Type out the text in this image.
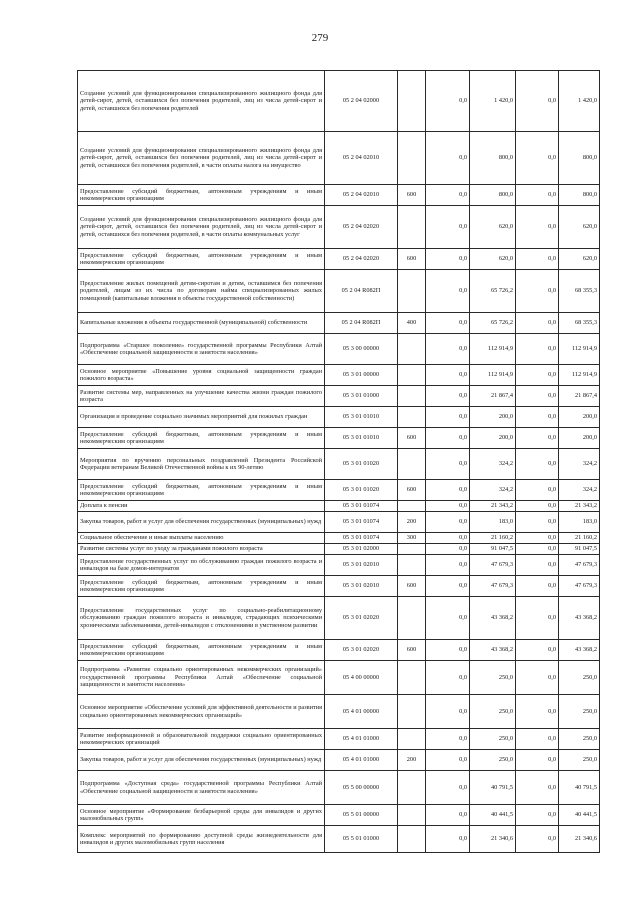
279
Создание условий для функционирования специализированного жилищного фонда для детей-сирот, детей, оставшихся без попечения родителей, лиц из числа детей-сирот и детей, оставшихся без попечения родителей	05 2 04 02000		0,0	1 420,0	0,0	1 420,0
Создание условий для функционирования специализированного жилищного фонда для детей-сирот, детей, оставшихся без попечения родителей, лиц из числа детей-сирот и детей, оставшихся без попечения родителей, в части оплаты налога на имущество	05 2 04 02010		0,0	800,0	0,0	800,0
Предоставление субсидий бюджетным, автономным учреждениям и иным некоммерческим организациям	05 2 04 02010	600	0,0	800,0	0,0	800,0
Создание условий для функционирования специализированного жилищного фонда для детей-сирот, детей, оставшихся без попечения родителей, лиц из числа детей-сирот и детей, оставшихся без попечения родителей, в части оплаты коммунальных услуг	05 2 04 02020		0,0	620,0	0,0	620,0
Предоставление субсидий бюджетным, автономным учреждениям и иным некоммерческим организациям	05 2 04 02020	600	0,0	620,0	0,0	620,0
Предоставление жилых помещений детям-сиротам и детям, оставшимся без попечения родителей, лицам из их числа по договорам найма специализированных жилых помещений (капитальные вложения в объекты государственной собственности)	05 2 04 R082П		0,0	65 726,2	0,0	68 355,3
Капитальные вложения в объекты государственной (муниципальной) собственности	05 2 04 R082П	400	0,0	65 726,2	0,0	68 355,3
Подпрограмма «Старшее поколение» государственной программы Республики Алтай «Обеспечение социальной защищенности и занятости населения»	05 3 00 00000		0,0	112 914,9	0,0	112 914,9
Основное мероприятие «Повышение уровня социальной защищенности граждан пожилого возраста»	05 3 01 00000		0,0	112 914,9	0,0	112 914,9
Развитие системы мер, направленных на улучшение качества жизни граждан пожилого возраста	05 3 01 01000		0,0	21 867,4	0,0	21 867,4
Организация и проведение социально значимых мероприятий для пожилых граждан	05 3 01 01010		0,0	200,0	0,0	200,0
Предоставление субсидий бюджетным, автономным учреждениям и иным некоммерческим организациям	05 3 01 01010	600	0,0	200,0	0,0	200,0
Мероприятия по вручению персональных поздравлений Президента Российской Федерации ветеранам Великой Отечественной войны к их 90-летию	05 3 01 01020		0,0	324,2	0,0	324,2
Предоставление субсидий бюджетным, автономным учреждениям и иным некоммерческим организациям	05 3 01 01020	600	0,0	324,2	0,0	324,2
Доплата к пенсии	05 3 01 01074		0,0	21 343,2	0,0	21 343,2
Закупка товаров, работ и услуг для обеспечения государственных (муниципальных) нужд	05 3 01 01074	200	0,0	183,0	0,0	183,0
Социальное обеспечение и иные выплаты населению	05 3 01 01074	300	0,0	21 160,2	0,0	21 160,2
Развитие системы услуг по уходу за гражданами пожилого возраста	05 3 01 02000		0,0	91 047,5	0,0	91 047,5
Предоставление государственных услуг по обслуживанию граждан пожилого возраста и инвалидов на базе домов-интернатов	05 3 01 02010		0,0	47 679,3	0,0	47 679,3
Предоставление субсидий бюджетным, автономным учреждениям и иным некоммерческим организациям	05 3 01 02010	600	0,0	47 679,3	0,0	47 679,3
Предоставление государственных услуг по социально-реабилитационному обслуживанию граждан пожилого возраста и инвалидов, страдающих психическими хроническими заболеваниями, детей-инвалидов с отклонениями в умственном развитии	05 3 01 02020		0,0	43 368,2	0,0	43 368,2
Предоставление субсидий бюджетным, автономным учреждениям и иным некоммерческим организациям	05 3 01 02020	600	0,0	43 368,2	0,0	43 368,2
Подпрограмма «Развитие социально ориентированных некоммерческих организаций» государственной программы Республики Алтай «Обеспечение социальной защищенности и занятости населения»	05 4 00 00000		0,0	250,0	0,0	250,0
Основное мероприятие «Обеспечение условий для эффективной деятельности и развития социально ориентированных некоммерческих организаций»	05 4 01 00000		0,0	250,0	0,0	250,0
Развитие информационной и образовательной поддержки социально ориентированных некоммерческих организаций	05 4 01 01000		0,0	250,0	0,0	250,0
Закупка товаров, работ и услуг для обеспечения государственных (муниципальных) нужд	05 4 01 01000	200	0,0	250,0	0,0	250,0
Подпрограмма «Доступная среда» государственной программы Республики Алтай «Обеспечение социальной защищенности и занятости населения»	05 5 00 00000		0,0	40 791,5	0,0	40 791,5
Основное мероприятие «Формирование безбарьерной среды для инвалидов и других маломобильных групп»	05 5 01 00000		0,0	40 441,5	0,0	40 441,5
Комплекс мероприятий по формированию доступной среды жизнедеятельности для инвалидов и других маломобильных групп населения	05 5 01 01000		0,0	21 340,6	0,0	21 340,6
